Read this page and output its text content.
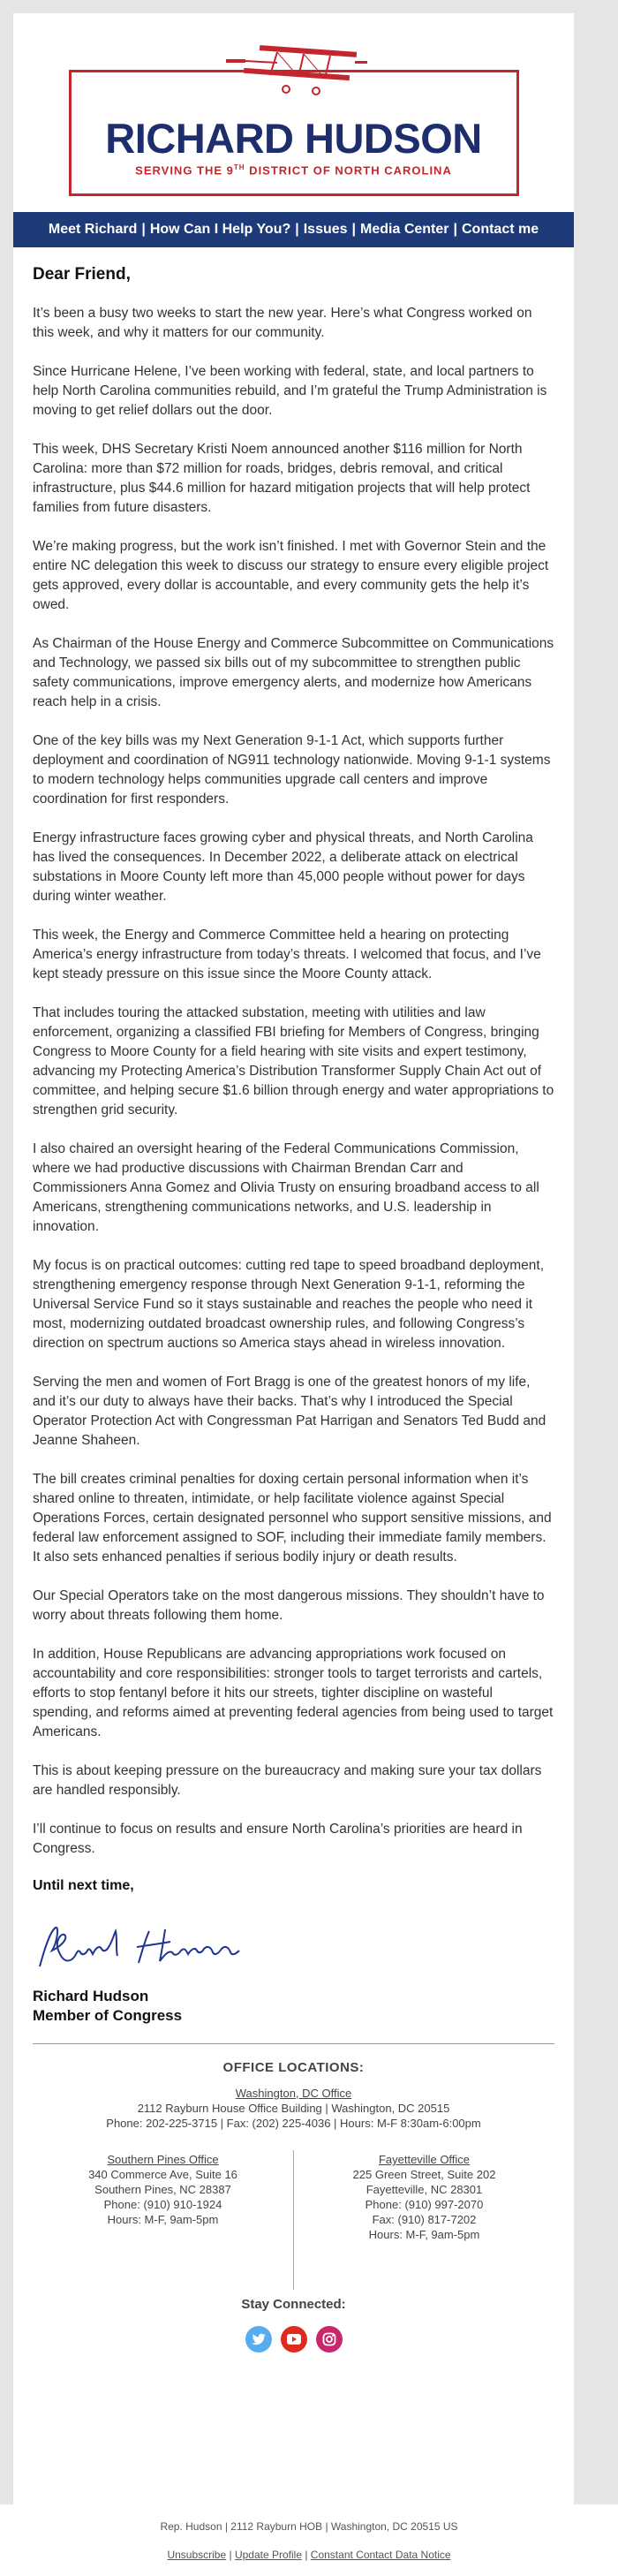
RICHARD HUDSON
SERVING THE 9TH DISTRICT OF NORTH CAROLINA
Meet Richard | How Can I Help You? | Issues | Media Center | Contact me
Dear Friend,

It’s been a busy two weeks to start the new year. Here’s what Congress worked on this week, and why it matters for our community.

Since Hurricane Helene, I’ve been working with federal, state, and local partners to help North Carolina communities rebuild, and I’m grateful the Trump Administration is moving to get relief dollars out the door.

This week, DHS Secretary Kristi Noem announced another $116 million for North Carolina: more than $72 million for roads, bridges, debris removal, and critical infrastructure, plus $44.6 million for hazard mitigation projects that will help protect families from future disasters.

We’re making progress, but the work isn’t finished. I met with Governor Stein and the entire NC delegation this week to discuss our strategy to ensure every eligible project gets approved, every dollar is accountable, and every community gets the help it’s owed.

As Chairman of the House Energy and Commerce Subcommittee on Communications and Technology, we passed six bills out of my subcommittee to strengthen public safety communications, improve emergency alerts, and modernize how Americans reach help in a crisis.

One of the key bills was my Next Generation 9-1-1 Act, which supports further deployment and coordination of NG911 technology nationwide. Moving 9-1-1 systems to modern technology helps communities upgrade call centers and improve coordination for first responders.

Energy infrastructure faces growing cyber and physical threats, and North Carolina has lived the consequences. In December 2022, a deliberate attack on electrical substations in Moore County left more than 45,000 people without power for days during winter weather.

This week, the Energy and Commerce Committee held a hearing on protecting America’s energy infrastructure from today’s threats. I welcomed that focus, and I’ve kept steady pressure on this issue since the Moore County attack.

That includes touring the attacked substation, meeting with utilities and law enforcement, organizing a classified FBI briefing for Members of Congress, bringing Congress to Moore County for a field hearing with site visits and expert testimony, advancing my Protecting America’s Distribution Transformer Supply Chain Act out of committee, and helping secure $1.6 billion through energy and water appropriations to strengthen grid security.

I also chaired an oversight hearing of the Federal Communications Commission, where we had productive discussions with Chairman Brendan Carr and Commissioners Anna Gomez and Olivia Trusty on ensuring broadband access to all Americans, strengthening communications networks, and U.S. leadership in innovation.

My focus is on practical outcomes: cutting red tape to speed broadband deployment, strengthening emergency response through Next Generation 9-1-1, reforming the Universal Service Fund so it stays sustainable and reaches the people who need it most, modernizing outdated broadcast ownership rules, and following Congress’s direction on spectrum auctions so America stays ahead in wireless innovation.

Serving the men and women of Fort Bragg is one of the greatest honors of my life, and it’s our duty to always have their backs. That’s why I introduced the Special Operator Protection Act with Congressman Pat Harrigan and Senators Ted Budd and Jeanne Shaheen.

The bill creates criminal penalties for doxing certain personal information when it’s shared online to threaten, intimidate, or help facilitate violence against Special Operations Forces, certain designated personnel who support sensitive missions, and federal law enforcement assigned to SOF, including their immediate family members. It also sets enhanced penalties if serious bodily injury or death results.

Our Special Operators take on the most dangerous missions. They shouldn’t have to worry about threats following them home.

In addition, House Republicans are advancing appropriations work focused on accountability and core responsibilities: stronger tools to target terrorists and cartels, efforts to stop fentanyl before it hits our streets, tighter discipline on wasteful spending, and reforms aimed at preventing federal agencies from being used to target Americans.

This is about keeping pressure on the bureaucracy and making sure your tax dollars are handled responsibly.

I’ll continue to focus on results and ensure North Carolina’s priorities are heard in Congress.

Until next time,
Richard Hudson
Member of Congress
OFFICE LOCATIONS:
Washington, DC Office
2112 Rayburn House Office Building | Washington, DC 20515
Phone: 202-225-3715 | Fax: (202) 225-4036 | Hours: M-F 8:30am-6:00pm
Southern Pines Office
340 Commerce Ave, Suite 16
Southern Pines, NC 28387
Phone: (910) 910-1924
Hours: M-F, 9am-5pm
Fayetteville Office
225 Green Street, Suite 202
Fayetteville, NC 28301
Phone: (910) 997-2070
Fax: (910) 817-7202
Hours: M-F, 9am-5pm
Stay Connected:
Rep. Hudson | 2112 Rayburn HOB | Washington, DC 20515 US
Unsubscribe | Update Profile | Constant Contact Data Notice
